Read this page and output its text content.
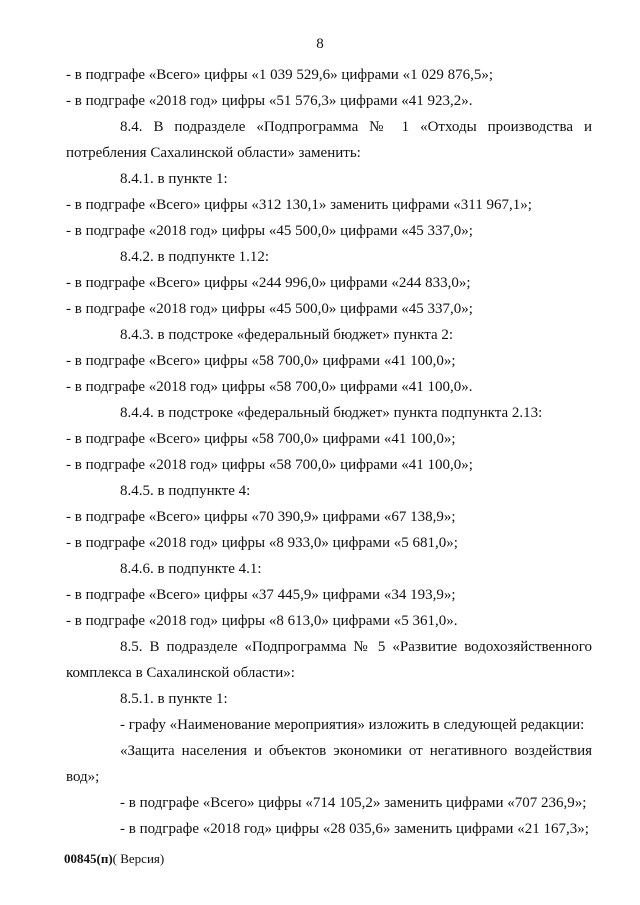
8
- в подграфе «Всего» цифры «1 039 529,6» цифрами «1 029 876,5»;
- в подграфе «2018 год» цифры «51 576,3» цифрами «41 923,2».
8.4. В подразделе «Подпрограмма № 1 «Отходы производства и
потребления Сахалинской области» заменить:
8.4.1. в пункте 1:
- в подграфе «Всего» цифры «312 130,1» заменить цифрами «311 967,1»;
- в подграфе «2018 год» цифры «45 500,0» цифрами «45 337,0»;
8.4.2. в подпункте 1.12:
- в подграфе «Всего» цифры «244 996,0» цифрами «244 833,0»;
- в подграфе «2018 год» цифры «45 500,0» цифрами «45 337,0»;
8.4.3. в подстроке «федеральный бюджет» пункта 2:
- в подграфе «Всего» цифры «58 700,0» цифрами «41 100,0»;
- в подграфе «2018 год» цифры «58 700,0» цифрами «41 100,0».
8.4.4. в подстроке «федеральный бюджет» пункта подпункта 2.13:
- в подграфе «Всего» цифры «58 700,0» цифрами «41 100,0»;
- в подграфе «2018 год» цифры «58 700,0» цифрами «41 100,0»;
8.4.5. в подпункте 4:
- в подграфе «Всего» цифры «70 390,9» цифрами «67 138,9»;
- в подграфе «2018 год» цифры «8 933,0» цифрами «5 681,0»;
8.4.6. в подпункте 4.1:
- в подграфе «Всего» цифры «37 445,9» цифрами «34 193,9»;
- в подграфе «2018 год» цифры «8 613,0» цифрами «5 361,0».
8.5. В подразделе «Подпрограмма № 5 «Развитие водохозяйственного
комплекса в Сахалинской области»:
8.5.1. в пункте 1:
- графу «Наименование мероприятия» изложить в следующей редакции:
«Защита населения и объектов экономики от негативного воздействия
вод»;
- в подграфе «Всего» цифры «714 105,2» заменить цифрами «707 236,9»;
- в подграфе «2018 год» цифры «28 035,6» заменить цифрами «21 167,3»;
00845(п)( Версия)
